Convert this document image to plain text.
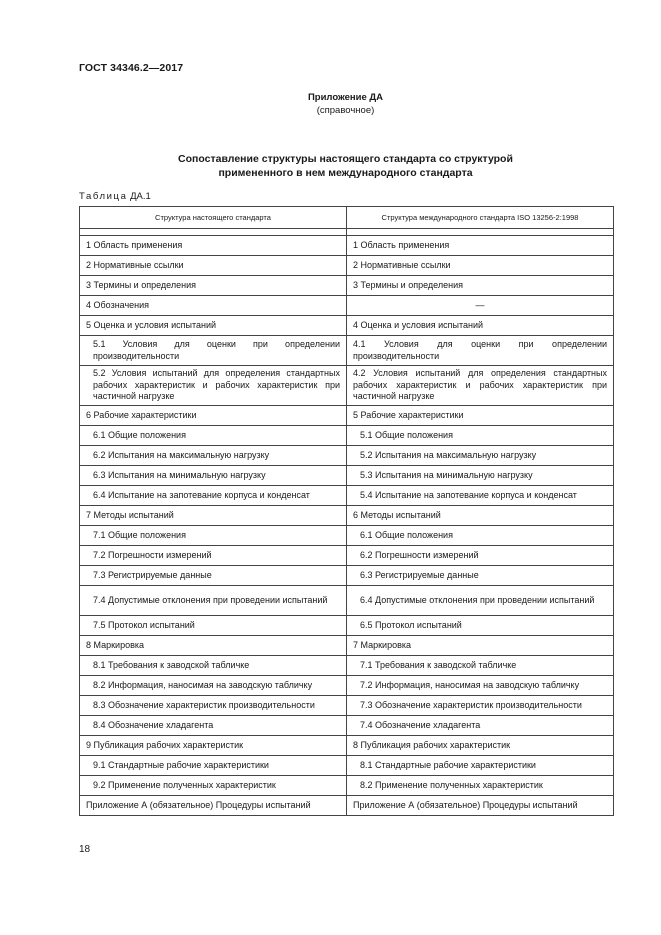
ГОСТ 34346.2—2017
Приложение ДА
(справочное)
Сопоставление структуры настоящего стандарта со структурой
примененного в нем международного стандарта
Таблица ДА.1
Структура настоящего стандарта	Структура международного стандарта ISO 13256-2:1998

1 Область применения	1 Область применения
2 Нормативные ссылки	2 Нормативные ссылки
3 Термины и определения	3 Термины и определения
4 Обозначения	—
5 Оценка и условия испытаний	4 Оценка и условия испытаний
5.1 Условия для оценки при определении производительности	4.1 Условия для оценки при определении производительности
5.2 Условия испытаний для определения стандартных рабочих характеристик и рабочих характеристик при частичной нагрузке	4.2 Условия испытаний для определения стандартных рабочих характеристик и рабочих характеристик при частичной нагрузке
6 Рабочие характеристики	5 Рабочие характеристики
6.1 Общие положения	5.1 Общие положения
6.2 Испытания на максимальную нагрузку	5.2 Испытания на максимальную нагрузку
6.3 Испытания на минимальную нагрузку	5.3 Испытания на минимальную нагрузку
6.4 Испытание на запотевание корпуса и конденсат	5.4 Испытание на запотевание корпуса и конденсат
7 Методы испытаний	6 Методы испытаний
7.1 Общие положения	6.1 Общие положения
7.2 Погрешности измерений	6.2 Погрешности измерений
7.3 Регистрируемые данные	6.3 Регистрируемые данные
7.4 Допустимые отклонения при проведении испытаний	6.4 Допустимые отклонения при проведении испытаний
7.5 Протокол испытаний	6.5 Протокол испытаний
8 Маркировка	7 Маркировка
8.1 Требования к заводской табличке	7.1 Требования к заводской табличке
8.2 Информация, наносимая на заводскую табличку	7.2 Информация, наносимая на заводскую табличку
8.3 Обозначение характеристик производительности	7.3 Обозначение характеристик производительности
8.4 Обозначение хладагента	7.4 Обозначение хладагента
9 Публикация рабочих характеристик	8 Публикация рабочих характеристик
9.1 Стандартные рабочие характеристики	8.1 Стандартные рабочие характеристики
9.2 Применение полученных характеристик	8.2 Применение полученных характеристик
Приложение А (обязательное) Процедуры испытаний	Приложение А (обязательное) Процедуры испытаний
18
